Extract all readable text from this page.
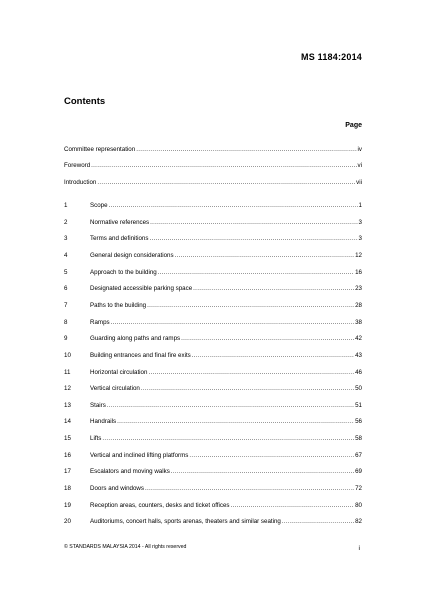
MS 1184:2014
Contents
Page
Committee representation .....	iv
Foreword .....	vi
Introduction .....	vii
1	Scope .....	1
2	Normative references .....	3
3	Terms and definitions .....	3
4	General design considerations .....	12
5	Approach to the building .....	16
6	Designated accessible parking space .....	23
7	Paths to the building .....	28
8	Ramps .....	38
9	Guarding along paths and ramps .....	42
10	Building entrances and final fire exits .....	43
11	Horizontal circulation .....	46
12	Vertical circulation .....	50
13	Stairs .....	51
14	Handrails .....	56
15	Lifts .....	58
16	Vertical and inclined lifting platforms .....	67
17	Escalators and moving walks .....	69
18	Doors and windows .....	72
19	Reception areas, counters, desks and ticket offices .....	80
20	Auditoriums, concert halls, sports arenas, theaters and similar seating .....	82
© STANDARDS MALAYSIA 2014 - All rights reserved	i
